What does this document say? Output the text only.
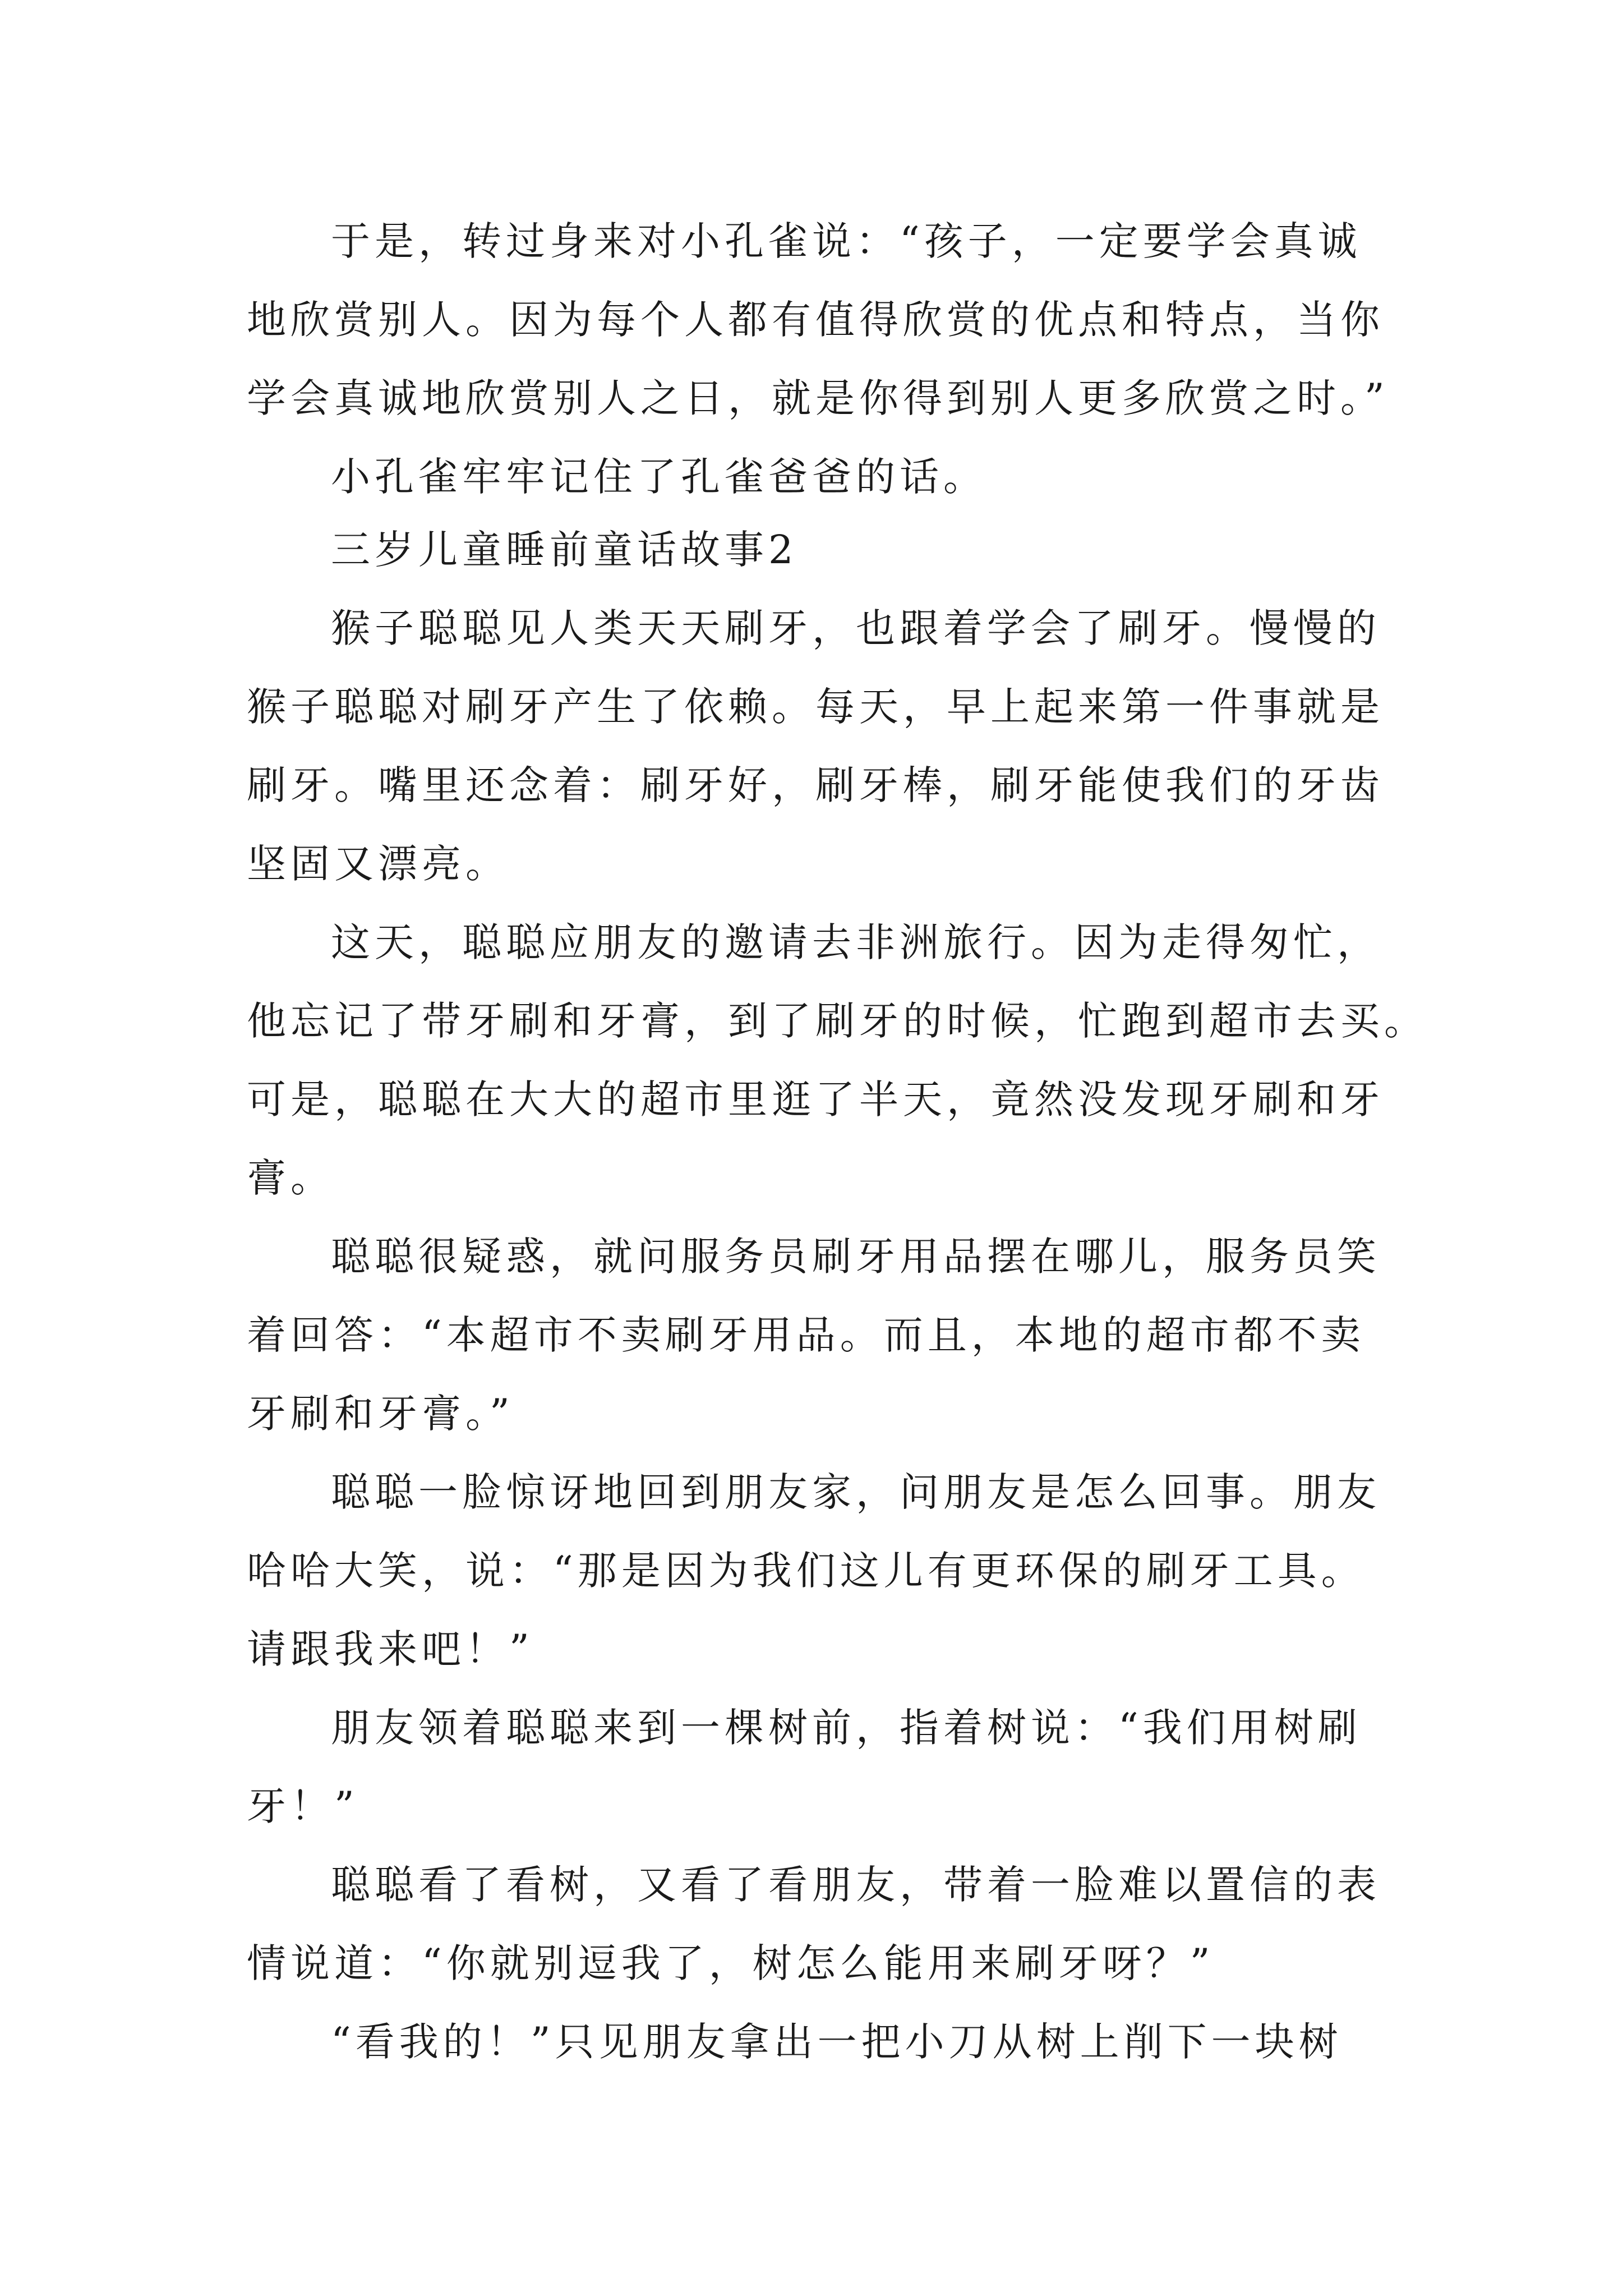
于是，转过身来对小孔雀说：“孩子，一定要学会真诚
地欣赏别人。因为每个人都有值得欣赏的优点和特点，当你
学会真诚地欣赏别人之日，就是你得到别人更多欣赏之时。”
小孔雀牢牢记住了孔雀爸爸的话。
三岁儿童睡前童话故事2
猴子聪聪见人类天天刷牙，也跟着学会了刷牙。慢慢的
猴子聪聪对刷牙产生了依赖。每天，早上起来第一件事就是
刷牙。嘴里还念着：刷牙好，刷牙棒，刷牙能使我们的牙齿
坚固又漂亮。
这天，聪聪应朋友的邀请去非洲旅行。因为走得匆忙，
他忘记了带牙刷和牙膏，到了刷牙的时候，忙跑到超市去买。
可是，聪聪在大大的超市里逛了半天，竟然没发现牙刷和牙
膏。
聪聪很疑惑，就问服务员刷牙用品摆在哪儿，服务员笑
着回答：“本超市不卖刷牙用品。而且，本地的超市都不卖
牙刷和牙膏。”
聪聪一脸惊讶地回到朋友家，问朋友是怎么回事。朋友
哈哈大笑，说：“那是因为我们这儿有更环保的刷牙工具。
请跟我来吧！”
朋友领着聪聪来到一棵树前，指着树说：“我们用树刷
牙！”
聪聪看了看树，又看了看朋友，带着一脸难以置信的表
情说道：“你就别逗我了，树怎么能用来刷牙呀？”
“看我的！”只见朋友拿出一把小刀从树上削下一块树
